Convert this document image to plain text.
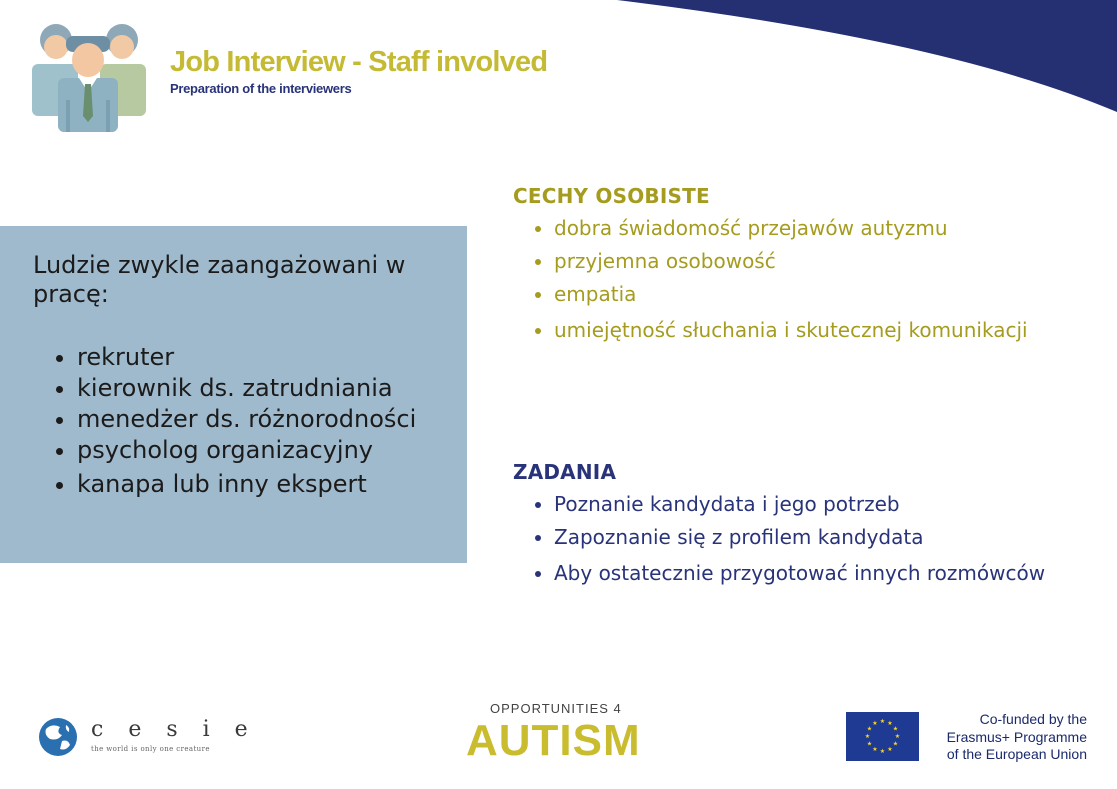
Job Interview - Staff involved
Preparation of the interviewers

Ludzie zwykle zaangażowani w pracę:

• rekruter
• kierownik ds. zatrudniania
• menedżer ds. różnorodności
• psycholog organizacyjny
• kanapa lub inny ekspert
CECHY OSOBISTE
• dobra świadomość przejawów autyzmu
• przyjemna osobowość
• empatia
• umiejętność słuchania i skutecznej komunikacji
ZADANIA
• Poznanie kandydata i jego potrzeb
• Zapoznanie się z profilem kandydata
• Aby ostatecznie przygotować innych rozmówców
c e s i e
the world is only one creature
OPPORTUNITIES 4
AUTISM	★ ★
★
★
★
★
★
★
★
★
★
★	Co-funded by the
Erasmus+ Programme
of the European Union
